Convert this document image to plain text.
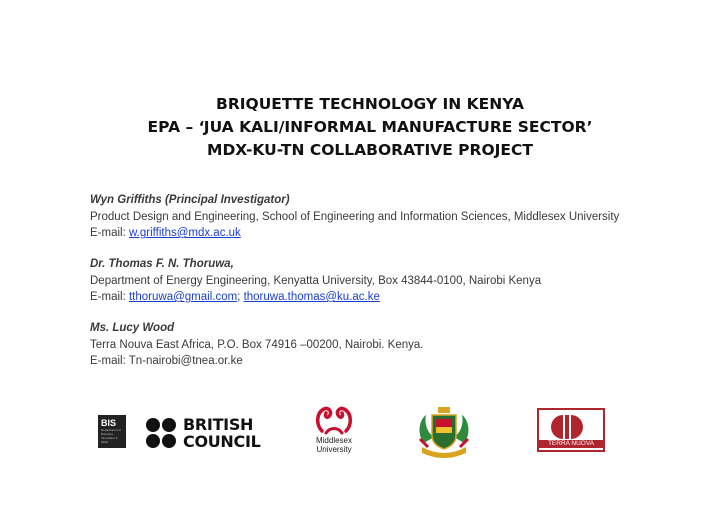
BRIQUETTE TECHNOLOGY IN KENYA
EPA – ‘JUA KALI/INFORMAL MANUFACTURE SECTOR’
MDX-KU-TN COLLABORATIVE PROJECT
Wyn Griffiths (Principal Investigator)
Product Design and Engineering, School of Engineering and Information Sciences, Middlesex University
E-mail: w.griffiths@mdx.ac.uk
Dr. Thomas F. N. Thoruwa,
Department of Energy Engineering, Kenyatta University, Box 43844-0100, Nairobi Kenya
E-mail: tthoruwa@gmail.com; thoruwa.thomas@ku.ac.ke
Ms. Lucy Wood
Terra Nouva East Africa, P.O. Box 74916 –00200, Nairobi. Kenya.
E-mail: Tn-nairobi@tnea.or.ke
BIS
Department for Business Innovation & Skills
BRITISH
COUNCIL	Middlesex
University
TERRA NUOVA
